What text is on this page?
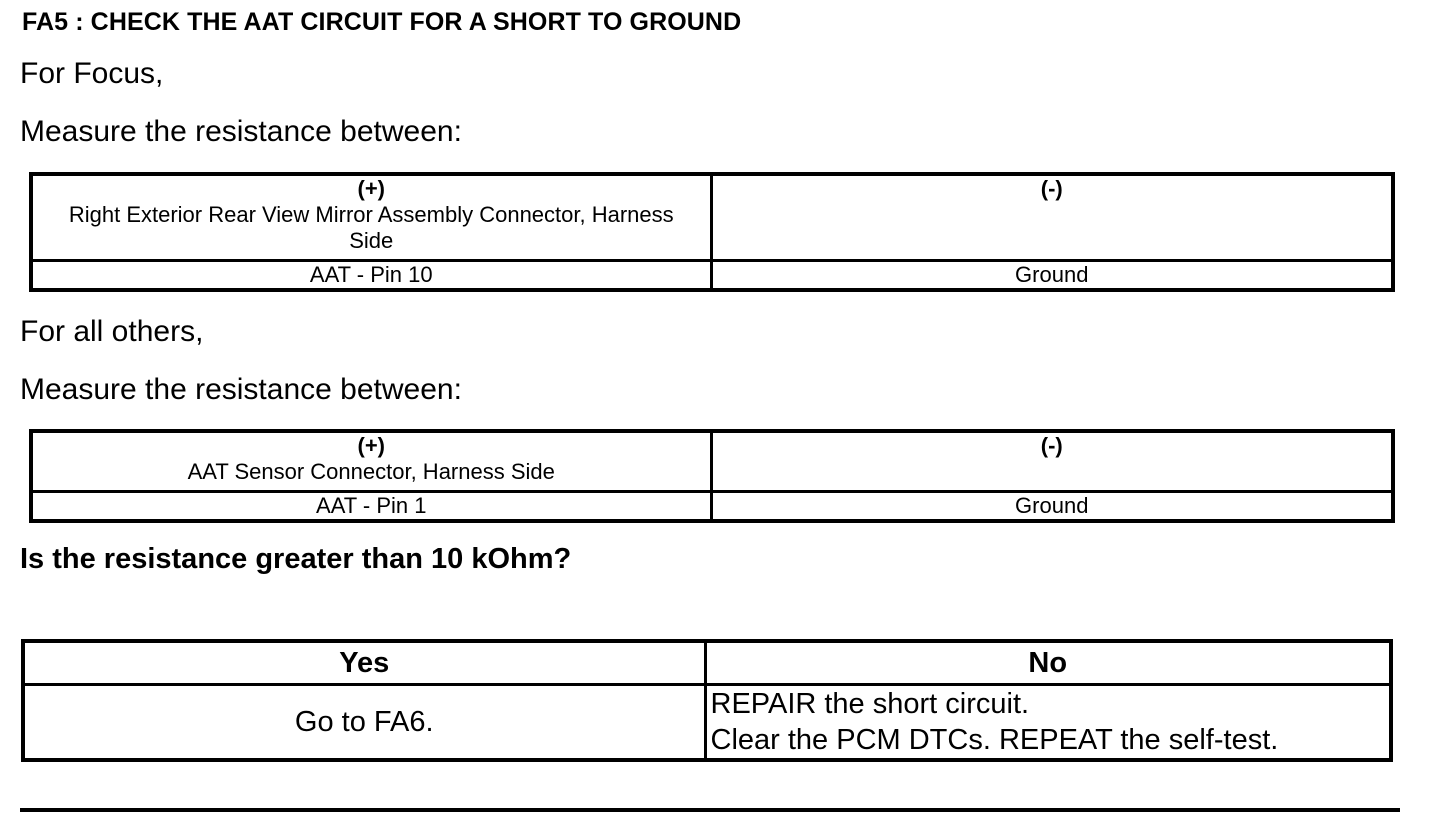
FA5 : CHECK THE AAT CIRCUIT FOR A SHORT TO GROUND
For Focus,
Measure the resistance between:
(+)
Right Exterior Rear View Mirror Assembly Connector, Harness Side	(-)

AAT - Pin 10	Ground
For all others,
Measure the resistance between:
(+)
AAT Sensor Connector, Harness Side	(-)

AAT - Pin 1	Ground
Is the resistance greater than 10 kOhm?
Yes	No
Go to FA6.	REPAIR the short circuit.
Clear the PCM DTCs. REPEAT the self-test.
